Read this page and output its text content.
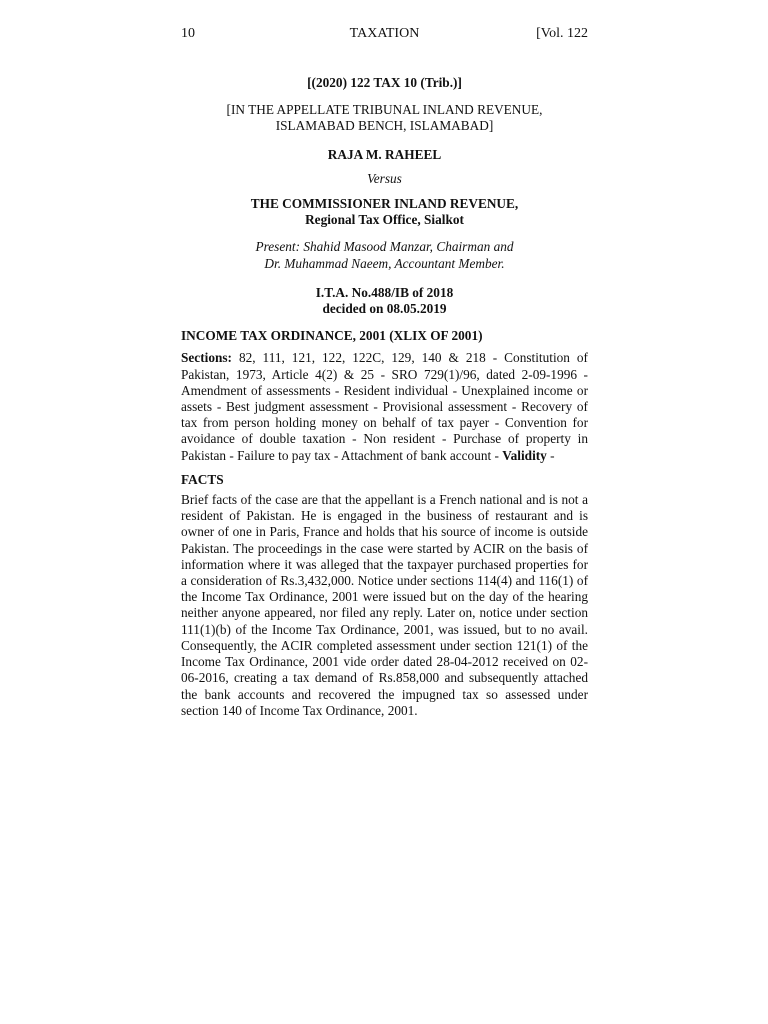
10	TAXATION	[Vol. 122
[(2020) 122 TAX 10 (Trib.)]
[IN THE APPELLATE TRIBUNAL INLAND REVENUE,
ISLAMABAD BENCH, ISLAMABAD]
RAJA M. RAHEEL
Versus
THE COMMISSIONER INLAND REVENUE,
Regional Tax Office, Sialkot
Present: Shahid Masood Manzar, Chairman and
Dr. Muhammad Naeem, Accountant Member.
I.T.A. No.488/IB of 2018
decided on 08.05.2019
INCOME TAX ORDINANCE, 2001 (XLIX OF 2001)

Sections: 82, 111, 121, 122, 122C, 129, 140 & 218 - Constitution of Pakistan, 1973, Article 4(2) & 25 - SRO 729(1)/96, dated 2-09-1996 - Amendment of assessments - Resident individual - Unexplained income or assets - Best judgment assessment - Provisional assessment - Recovery of tax from person holding money on behalf of tax payer - Convention for avoidance of double taxation - Non resident - Purchase of property in Pakistan - Failure to pay tax - Attachment of bank account - Validity -

FACTS

Brief facts of the case are that the appellant is a French national and is not a resident of Pakistan. He is engaged in the business of restaurant and is owner of one in Paris, France and holds that his source of income is outside Pakistan. The proceedings in the case were started by ACIR on the basis of information where it was alleged that the taxpayer purchased properties for a consideration of Rs.3,432,000. Notice under sections 114(4) and 116(1) of the Income Tax Ordinance, 2001 were issued but on the day of the hearing neither anyone appeared, nor filed any reply. Later on, notice under section 111(1)(b) of the Income Tax Ordinance, 2001, was issued, but to no avail. Consequently, the ACIR completed assessment under section 121(1) of the Income Tax Ordinance, 2001 vide order dated 28-04-2012 received on 02-06-2016, creating a tax demand of Rs.858,000 and subsequently attached the bank accounts and recovered the impugned tax so assessed under section 140 of Income Tax Ordinance, 2001.
